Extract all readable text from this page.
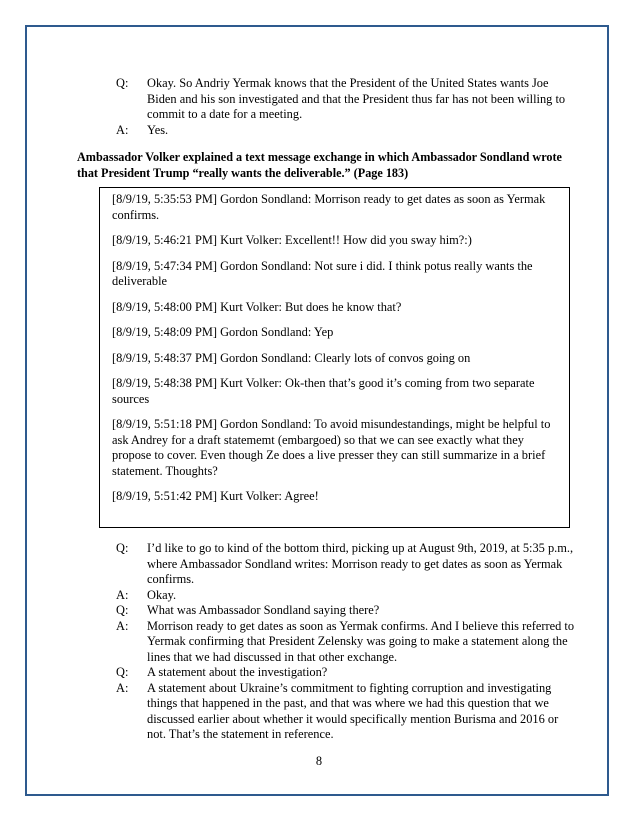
Q: Okay. So Andriy Yermak knows that the President of the United States wants Joe Biden and his son investigated and that the President thus far has not been willing to commit to a date for a meeting.
A: Yes.
Ambassador Volker explained a text message exchange in which Ambassador Sondland wrote that President Trump “really wants the deliverable.” (Page 183)

[8/9/19, 5:35:53 PM] Gordon Sondland: Morrison ready to get dates as soon as Yermak confirms.

[8/9/19, 5:46:21 PM] Kurt Volker: Excellent!! How did you sway him?:)

[8/9/19, 5:47:34 PM] Gordon Sondland: Not sure i did. I think potus really wants the deliverable

[8/9/19, 5:48:00 PM] Kurt Volker: But does he know that?

[8/9/19, 5:48:09 PM] Gordon Sondland: Yep

[8/9/19, 5:48:37 PM] Gordon Sondland: Clearly lots of convos going on

[8/9/19, 5:48:38 PM] Kurt Volker: Ok-then that’s good it’s coming from two separate sources

[8/9/19, 5:51:18 PM] Gordon Sondland: To avoid misundestandings, might be helpful to ask Andrey for a draft statememt (embargoed) so that we can see exactly what they propose to cover. Even though Ze does a live presser they can still summarize in a brief statement. Thoughts?

[8/9/19, 5:51:42 PM] Kurt Volker: Agree!

Q: I’d like to go to kind of the bottom third, picking up at August 9th, 2019, at 5:35 p.m., where Ambassador Sondland writes: Morrison ready to get dates as soon as Yermak confirms.
A: Okay.
Q: What was Ambassador Sondland saying there?
A: Morrison ready to get dates as soon as Yermak confirms. And I believe this referred to Yermak confirming that President Zelensky was going to make a statement along the lines that we had discussed in that other exchange.
Q: A statement about the investigation?
A: A statement about Ukraine’s commitment to fighting corruption and investigating things that happened in the past, and that was where we had this question that we discussed earlier about whether it would specifically mention Burisma and 2016 or not. That’s the statement in reference.
8
